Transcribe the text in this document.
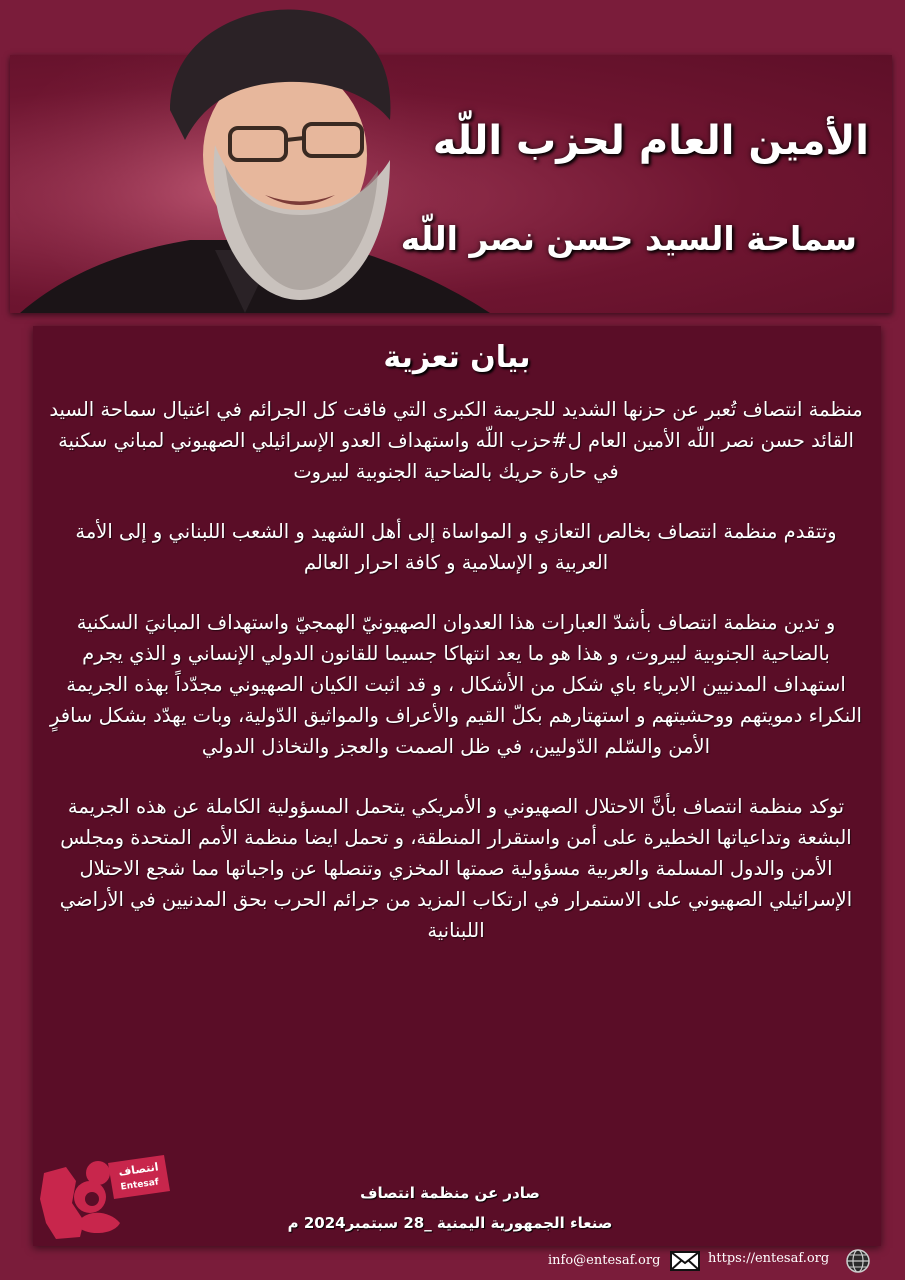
الأمين العام لحزب اللّه
سماحة السيد حسن نصر اللّه
بيان تعزية

منظمة انتصاف تُعبر عن حزنها الشديد للجريمة الكبرى التي فاقت كل الجرائم في اغتيال سماحة السيد القائد حسن نصر اللّه الأمين العام ل#حزب اللّه واستهداف العدو الإسرائيلي الصهيوني لمباني سكنية في حارة حريك بالضاحية الجنوبية لبيروت

وتتقدم منظمة انتصاف بخالص التعازي و المواساة إلى أهل الشهيد و الشعب اللبناني و إلى الأمة العربية و الإسلامية و كافة احرار العالم

و تدين منظمة انتصاف بأشدّ العبارات هذا العدوان الصهيونيّ الهمجيّ واستهداف المبانيَ السكنية بالضاحية الجنوبية لبيروت، و هذا هو ما يعد انتهاكا جسيما للقانون الدولي الإنساني و الذي يجرم استهداف المدنيين الابرياء باي شكل من الأشكال ، و قد اثبت الكيان الصهيوني مجدّداً بهذه الجريمة النكراء دمويتهم ووحشيتهم و استهتارهم بكلّ القيم والأعراف والمواثيق الدّولية، وبات يهدّد بشكل سافرٍ الأمن والسّلم الدّوليين، في ظل الصمت والعجز والتخاذل الدولي

توكد منظمة انتصاف بأنَّ الاحتلال الصهيوني و الأمريكي يتحمل المسؤولية الكاملة عن هذه الجريمة البشعة وتداعياتها الخطيرة على أمن واستقرار المنطقة، و تحمل ايضا منظمة الأمم المتحدة ومجلس الأمن والدول المسلمة والعربية مسؤولية صمتها المخزي وتنصلها عن واجباتها مما شجع الاحتلال الإسرائيلي الصهيوني على الاستمرار في ارتكاب المزيد من جرائم الحرب بحق المدنيين في الأراضي اللبنانية

انتصاف
Entesaf	صادر عن منظمة انتصاف

صنعاء الجمهورية اليمنية _28 سبتمبر2024 م

info@entesaf.org	https://entesaf.org
